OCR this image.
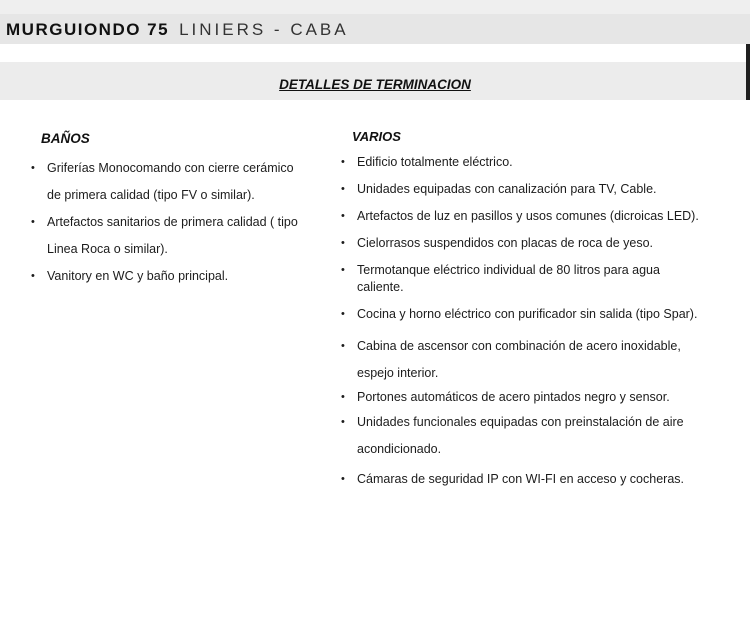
MURGUIONDO 75 LINIERS - CABA
DETALLES DE TERMINACION
BAÑOS
• Griferías Monocomando con cierre cerámico de primera calidad (tipo FV o similar).
• Artefactos sanitarios de primera calidad ( tipo Linea Roca o similar).
• Vanitory en WC y baño principal.
VARIOS
• Edificio totalmente eléctrico.
• Unidades equipadas con canalización para TV, Cable.
• Artefactos de luz en pasillos y usos comunes (dicroicas LED).
• Cielorrasos suspendidos con placas de roca de yeso.
• Termotanque eléctrico individual de 80 litros para agua caliente.
• Cocina y horno eléctrico con purificador sin salida (tipo Spar).
• Cabina de ascensor con combinación de acero inoxidable, espejo interior.
• Portones automáticos de acero pintados negro y sensor.
• Unidades funcionales equipadas con preinstalación de aire acondicionado.
• Cámaras de seguridad IP con WI-FI en acceso y cocheras.
